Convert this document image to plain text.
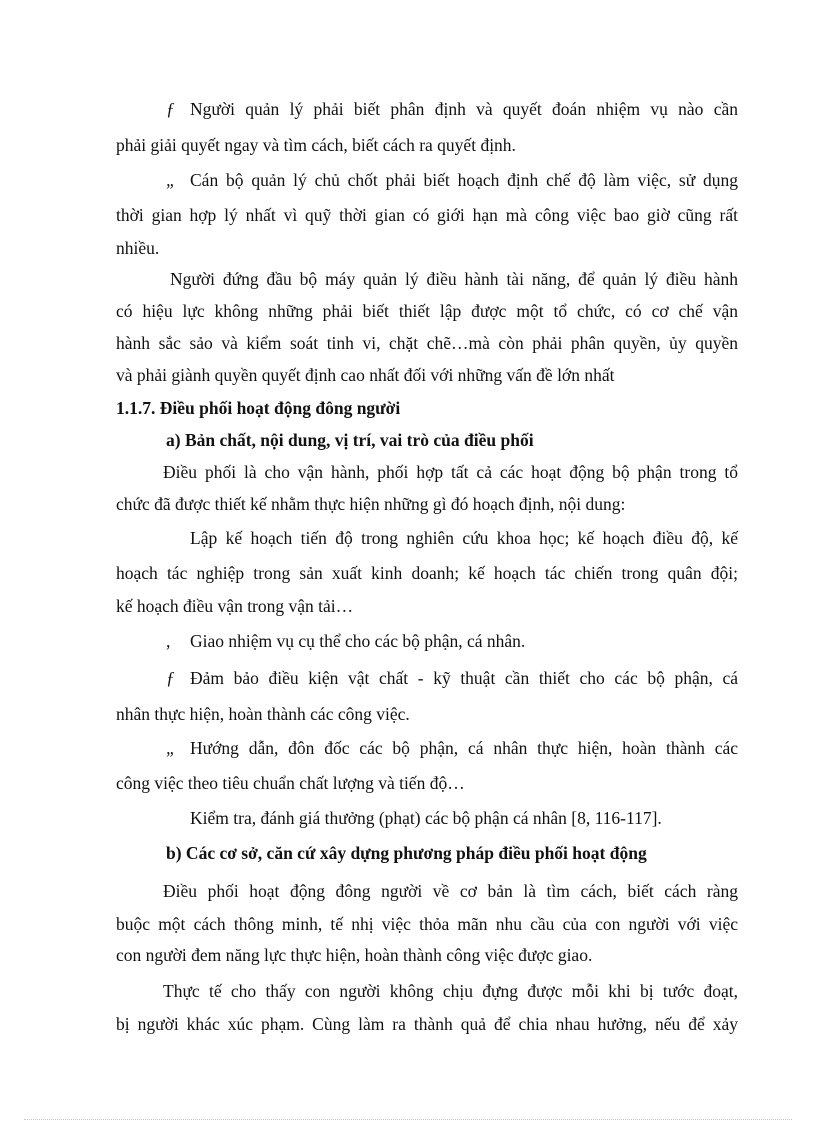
ƒ Người quản lý phải biết phân định và quyết đoán nhiệm vụ nào cần
phải giải quyết ngay và tìm cách, biết cách ra quyết định.
„ Cán bộ quản lý chủ chốt phải biết hoạch định chế độ làm việc, sử dụng
thời gian hợp lý nhất vì quỹ thời gian có giới hạn mà công việc bao giờ cũng rất
nhiều.
Người đứng đầu bộ máy quản lý điều hành tài năng, để quản lý điều hành
có hiệu lực không những phải biết thiết lập được một tổ chức, có cơ chế vận
hành sắc sảo và kiểm soát tinh vi, chặt chẽ…mà còn phải phân quyền, ủy quyền
và phải giành quyền quyết định cao nhất đối với những vấn đề lớn nhất
1.1.7. Điều phối hoạt động đông người
a) Bản chất, nội dung, vị trí, vai trò của điều phối
Điều phối là cho vận hành, phối hợp tất cả các hoạt động bộ phận trong tổ
chức đã được thiết kế nhằm thực hiện những gì đó hoạch định, nội dung:
Lập kế hoạch tiến độ trong nghiên cứu khoa học; kế hoạch điều độ, kế
hoạch tác nghiệp trong sản xuất kinh doanh; kế hoạch tác chiến trong quân đội;
kế hoạch điều vận trong vận tải…
, Giao nhiệm vụ cụ thể cho các bộ phận, cá nhân.
ƒ Đảm bảo điều kiện vật chất - kỹ thuật cần thiết cho các bộ phận, cá
nhân thực hiện, hoàn thành các công việc.
„ Hướng dẫn, đôn đốc các bộ phận, cá nhân thực hiện, hoàn thành các
công việc theo tiêu chuẩn chất lượng và tiến độ…
Kiểm tra, đánh giá thưởng (phạt) các bộ phận cá nhân [8, 116-117].
b) Các cơ sở, căn cứ xây dựng phương pháp điều phối hoạt động
Điều phối hoạt động đông người về cơ bản là tìm cách, biết cách ràng
buộc một cách thông minh, tế nhị việc thỏa mãn nhu cầu của con người với việc
con người đem năng lực thực hiện, hoàn thành công việc được giao.
Thực tế cho thấy con người không chịu đựng được mỗi khi bị tước đoạt,
bị người khác xúc phạm. Cùng làm ra thành quả để chia nhau hưởng, nếu để xảy
